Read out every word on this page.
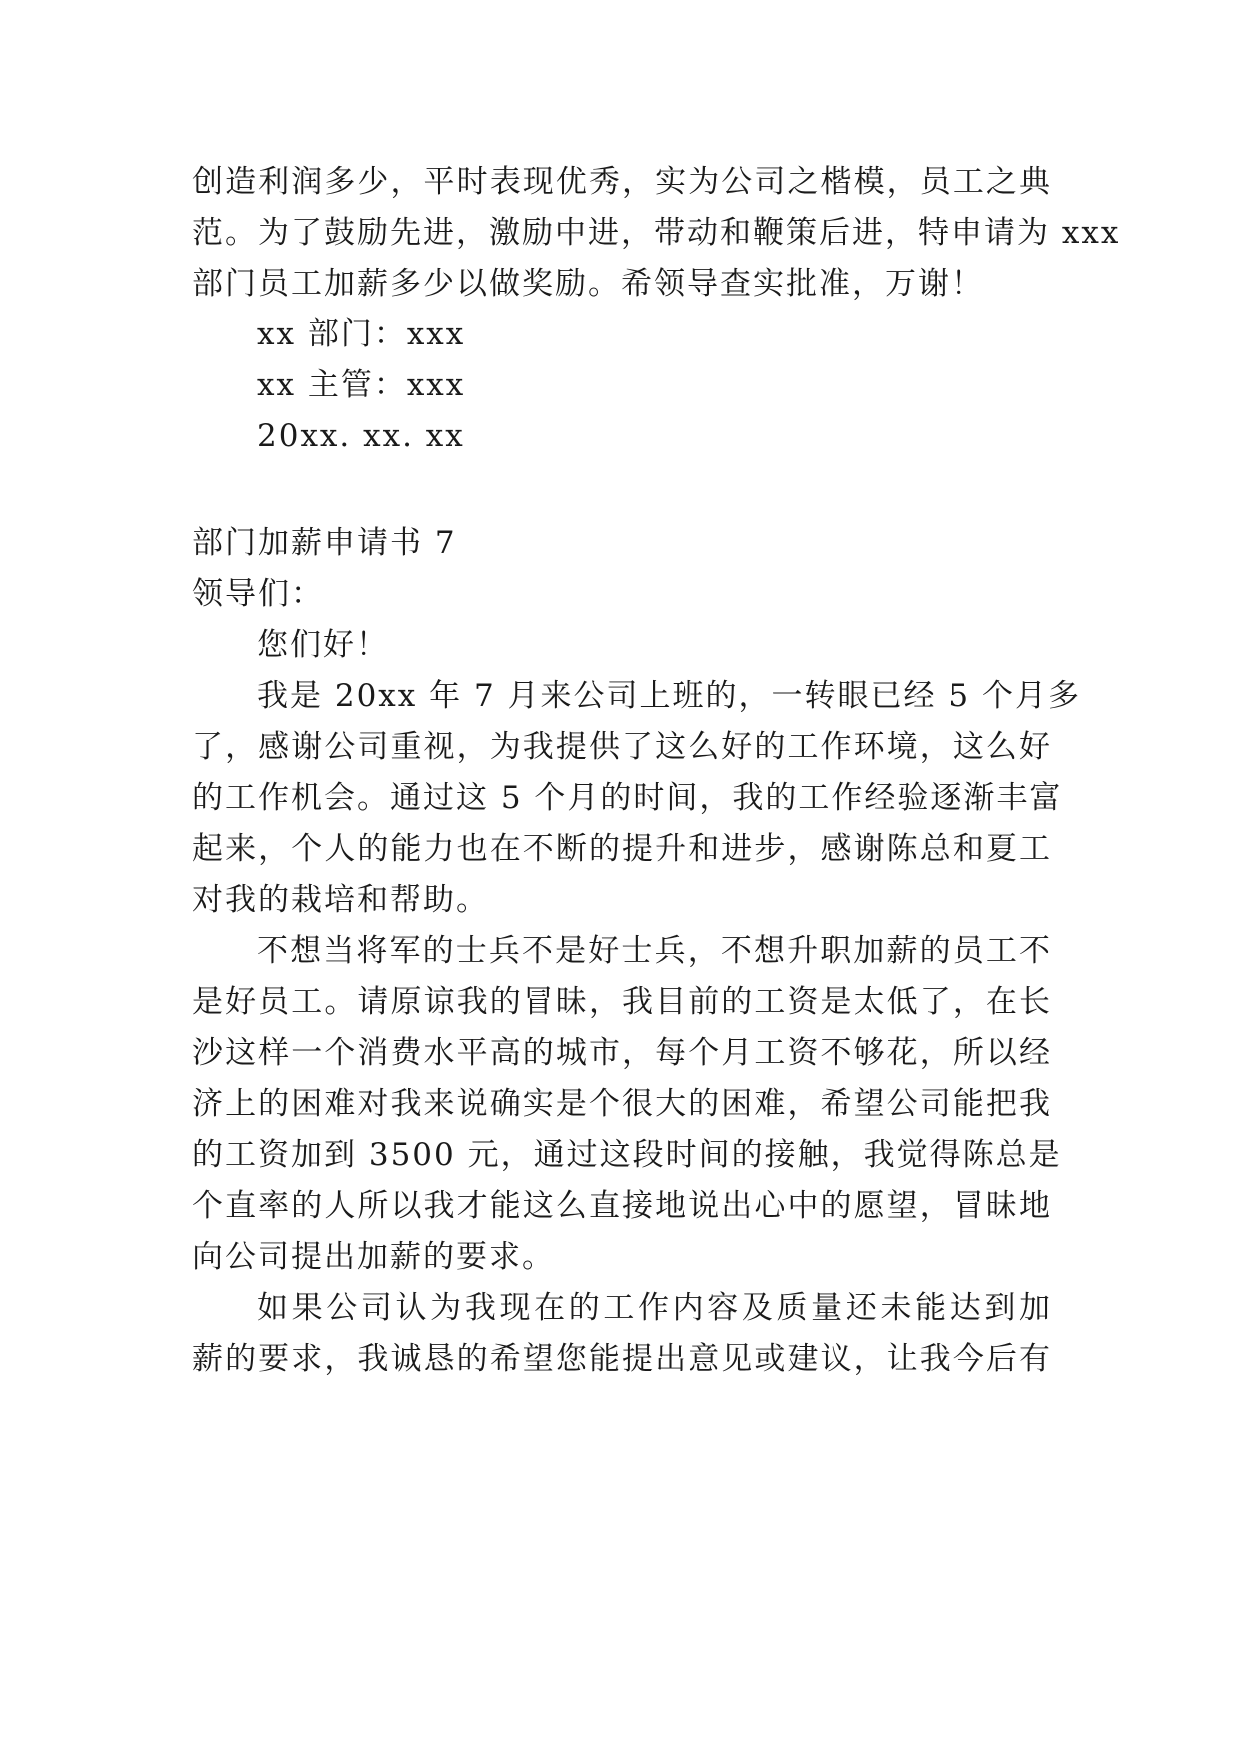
创造利润多少，平时表现优秀，实为公司之楷模，员工之典
范。为了鼓励先进，激励中进，带动和鞭策后进，特申请为 xxx
部门员工加薪多少以做奖励。希领导查实批准，万谢！
xx 部门：xxx
xx 主管：xxx
20xx. xx. xx
部门加薪申请书 7
领导们：
您们好！
我是 20xx 年 7 月来公司上班的，一转眼已经 5 个月多
了，感谢公司重视，为我提供了这么好的工作环境，这么好
的工作机会。通过这 5 个月的时间，我的工作经验逐渐丰富
起来，个人的能力也在不断的提升和进步，感谢陈总和夏工
对我的栽培和帮助。
不想当将军的士兵不是好士兵，不想升职加薪的员工不
是好员工。请原谅我的冒昧，我目前的工资是太低了，在长
沙这样一个消费水平高的城市，每个月工资不够花，所以经
济上的困难对我来说确实是个很大的困难，希望公司能把我
的工资加到 3500 元，通过这段时间的接触，我觉得陈总是
个直率的人所以我才能这么直接地说出心中的愿望，冒昧地
向公司提出加薪的要求。
如果公司认为我现在的工作内容及质量还未能达到加
薪的要求，我诚恳的希望您能提出意见或建议，让我今后有
